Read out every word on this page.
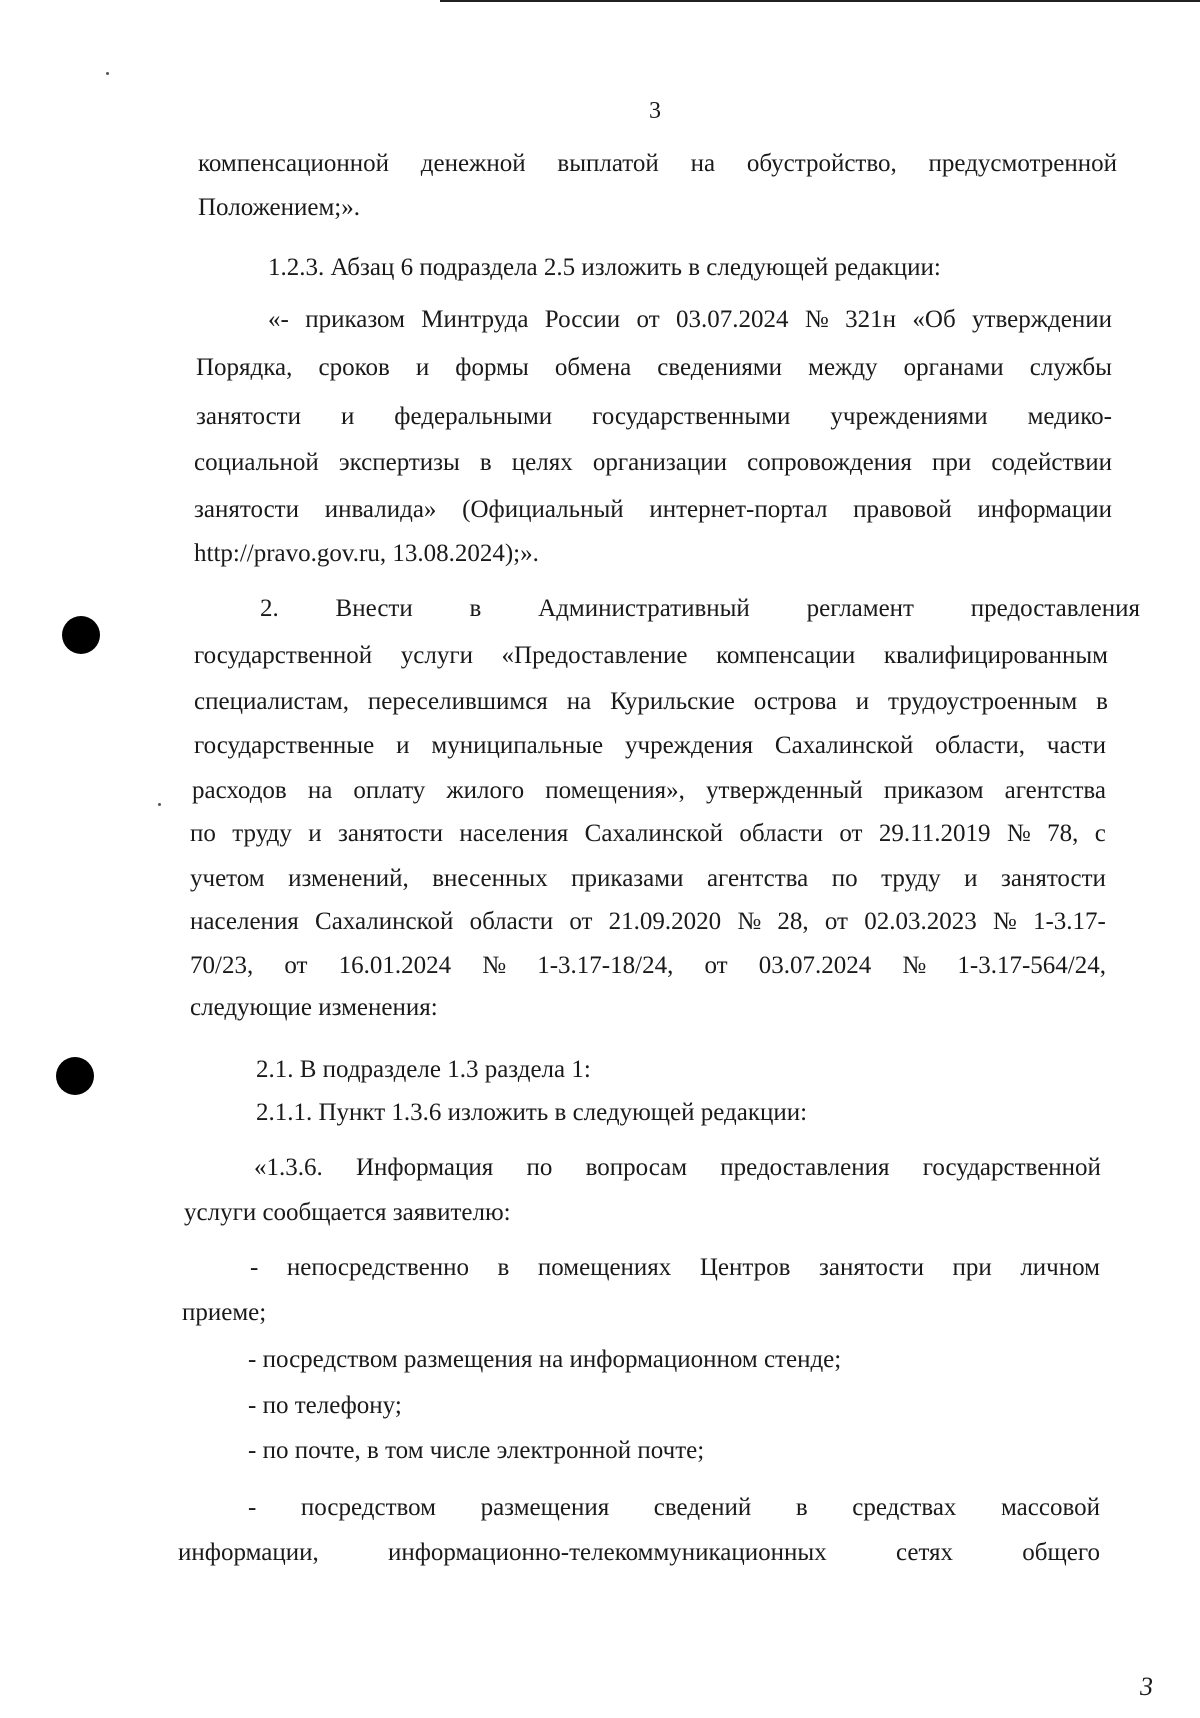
3
компенсационной денежной выплатой на обустройство, предусмотренной
Положением;».
1.2.3. Абзац 6 подраздела 2.5 изложить в следующей редакции:
«- приказом Минтруда России от 03.07.2024 № 321н «Об утверждении
Порядка, сроков и формы обмена сведениями между органами службы
занятости и федеральными государственными учреждениями медико-
социальной экспертизы в целях организации сопровождения при содействии
занятости инвалида» (Официальный интернет-портал правовой информации
http://pravo.gov.ru, 13.08.2024);».
2. Внести в Административный регламент предоставления
государственной услуги «Предоставление компенсации квалифицированным
специалистам, переселившимся на Курильские острова и трудоустроенным в
государственные и муниципальные учреждения Сахалинской области, части
расходов на оплату жилого помещения», утвержденный приказом агентства
по труду и занятости населения Сахалинской области от 29.11.2019 № 78, с
учетом изменений, внесенных приказами агентства по труду и занятости
населения Сахалинской области от 21.09.2020 № 28, от 02.03.2023 № 1-3.17-
70/23, от 16.01.2024 № 1-3.17-18/24, от 03.07.2024 № 1-3.17-564/24,
следующие изменения:
2.1. В подразделе 1.3 раздела 1:
2.1.1. Пункт 1.3.6 изложить в следующей редакции:
«1.3.6. Информация по вопросам предоставления государственной
услуги сообщается заявителю:
- непосредственно в помещениях Центров занятости при личном
приеме;
- посредством размещения на информационном стенде;
- по телефону;
- по почте, в том числе электронной почте;
- посредством размещения сведений в средствах массовой
информации,	информационно-телекоммуникационных	сетях	общего
3
